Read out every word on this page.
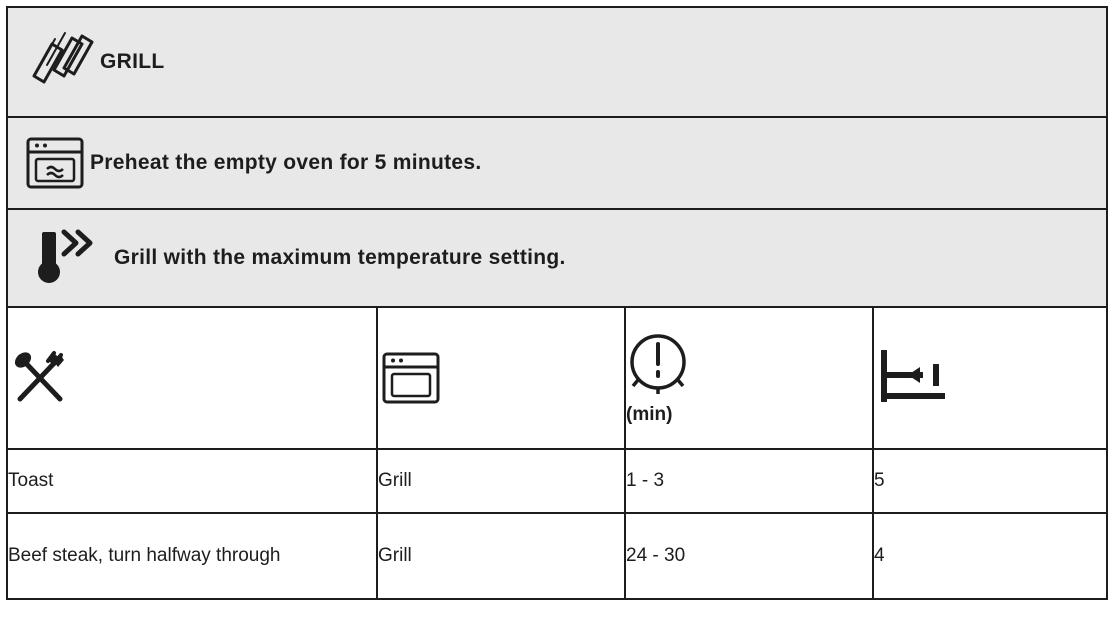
GRILL			

Preheat the empty oven for 5 minutes.			

Grill with the maximum temperature setting.			

(min)

Toast	Grill	1 - 3	5
Beef steak, turn halfway through	Grill	24 - 30	4
